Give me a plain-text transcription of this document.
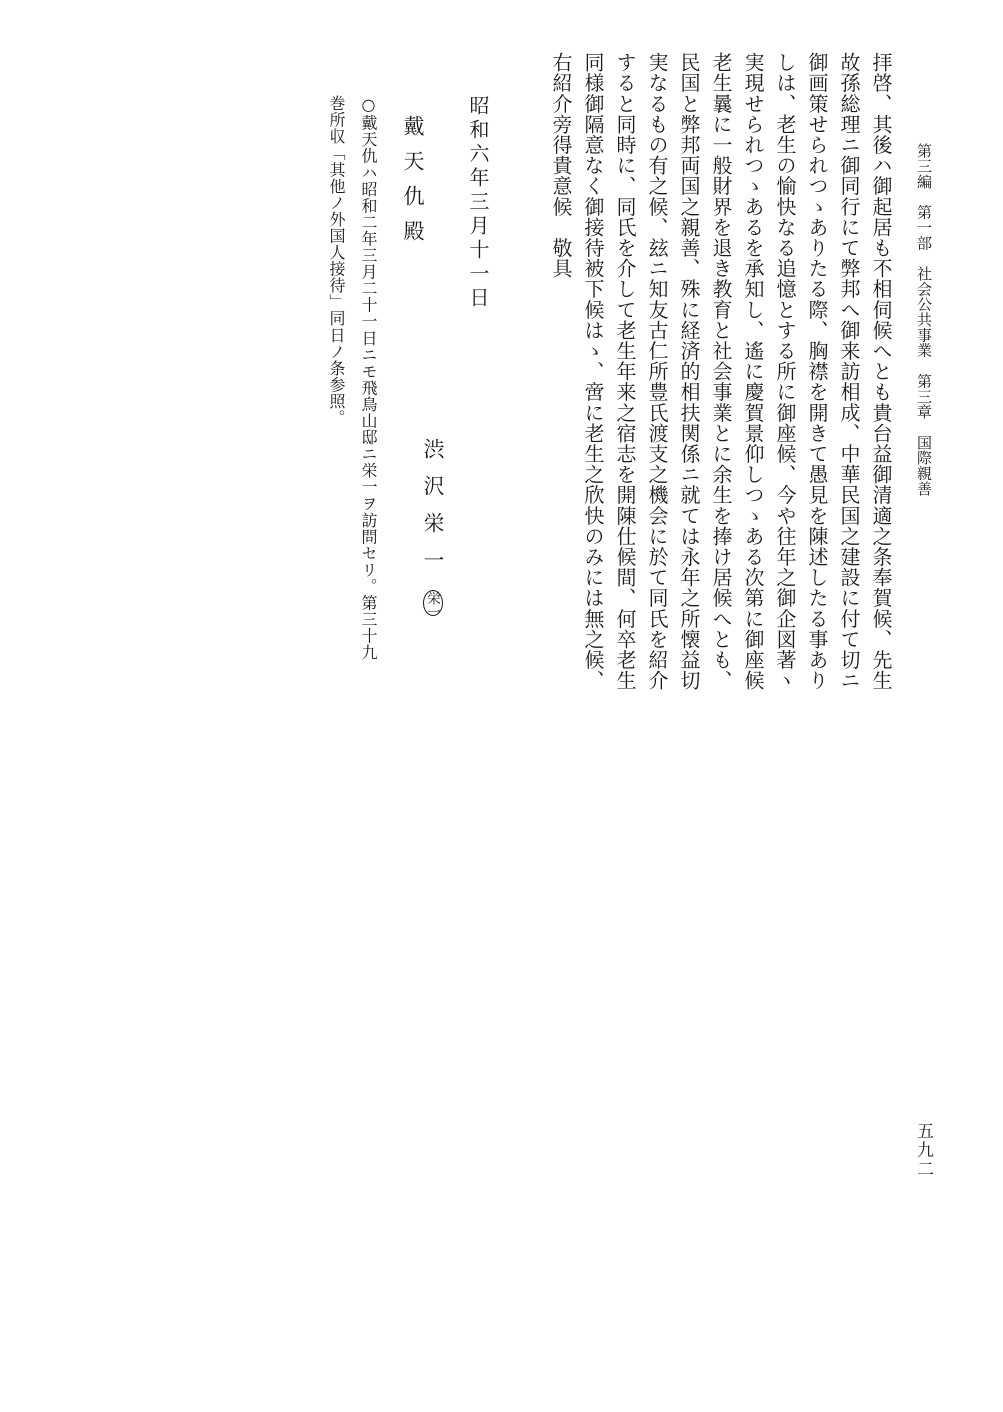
第三編　第一部　社会公共事業　第三章　国際親善
拝啓、其後ハ御起居も不相伺候へとも貴台益御清適之条奉賀候、先生
故孫総理ニ御同行にて弊邦へ御来訪相成、中華民国之建設に付て切ニ
御画策せられつゝありたる際、胸襟を開きて愚見を陳述したる事あり
しは、老生の愉快なる追憶とする所に御座候、今や往年之御企図著ヽ
実現せられつゝあるを承知し、遙に慶賀景仰しつゝある次第に御座候
老生曩に一般財界を退き教育と社会事業とに余生を捧け居候へとも、
民国と弊邦両国之親善、殊に経済的相扶関係ニ就ては永年之所懐益切
実なるもの有之候、玆ニ知友古仁所豊氏渡支之機会に於て同氏を紹介
すると同時に、同氏を介して老生年来之宿志を開陳仕候間、何卒老生
同様御隔意なく御接待被下候はゝ、啻に老生之欣快のみには無之候、
右紹介旁得貴意候　敬具
昭和六年三月十一日
渋沢栄一栄一
戴天仇殿
○戴天仇ハ昭和二年三月二十一日ニモ飛鳥山邸ニ栄一ヲ訪問セリ。第三十九
巻所収「其他ノ外国人接待」同日ノ条参照。
五九二
